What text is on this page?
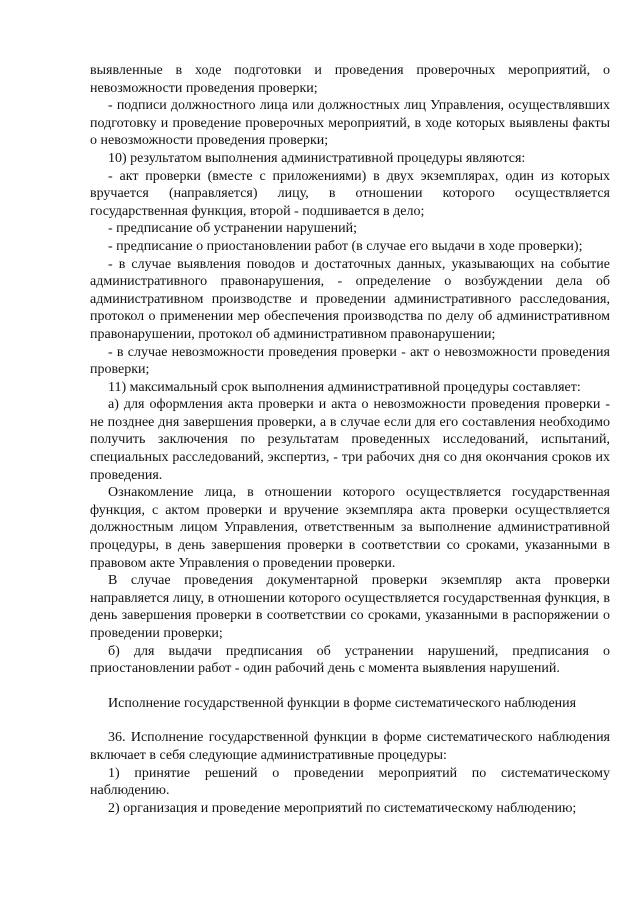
выявленные в ходе подготовки и проведения проверочных мероприятий, о невозможности проведения проверки;

- подписи должностного лица или должностных лиц Управления, осуществлявших подготовку и проведение проверочных мероприятий, в ходе которых выявлены факты о невозможности проведения проверки;

10) результатом выполнения административной процедуры являются:

- акт проверки (вместе с приложениями) в двух экземплярах, один из которых вручается (направляется) лицу, в отношении которого осуществляется государственная функция, второй - подшивается в дело;

- предписание об устранении нарушений;

- предписание о приостановлении работ (в случае его выдачи в ходе проверки);

- в случае выявления поводов и достаточных данных, указывающих на событие административного правонарушения, - определение о возбуждении дела об административном производстве и проведении административного расследования, протокол о применении мер обеспечения производства по делу об административном правонарушении, протокол об административном правонарушении;

- в случае невозможности проведения проверки - акт о невозможности проведения проверки;

11) максимальный срок выполнения административной процедуры составляет:

а) для оформления акта проверки и акта о невозможности проведения проверки - не позднее дня завершения проверки, а в случае если для его составления необходимо получить заключения по результатам проведенных исследований, испытаний, специальных расследований, экспертиз, - три рабочих дня со дня окончания сроков их проведения.

Ознакомление лица, в отношении которого осуществляется государственная функция, с актом проверки и вручение экземпляра акта проверки осуществляется должностным лицом Управления, ответственным за выполнение административной процедуры, в день завершения проверки в соответствии со сроками, указанными в правовом акте Управления о проведении проверки.

В случае проведения документарной проверки экземпляр акта проверки направляется лицу, в отношении которого осуществляется государственная функция, в день завершения проверки в соответствии со сроками, указанными в распоряжении о проведении проверки;

б) для выдачи предписания об устранении нарушений, предписания о приостановлении работ - один рабочий день с момента выявления нарушений.

Исполнение государственной функции в форме систематического наблюдения

36. Исполнение государственной функции в форме систематического наблюдения включает в себя следующие административные процедуры:

1) принятие решений о проведении мероприятий по систематическому наблюдению.

2) организация и проведение мероприятий по систематическому наблюдению;
